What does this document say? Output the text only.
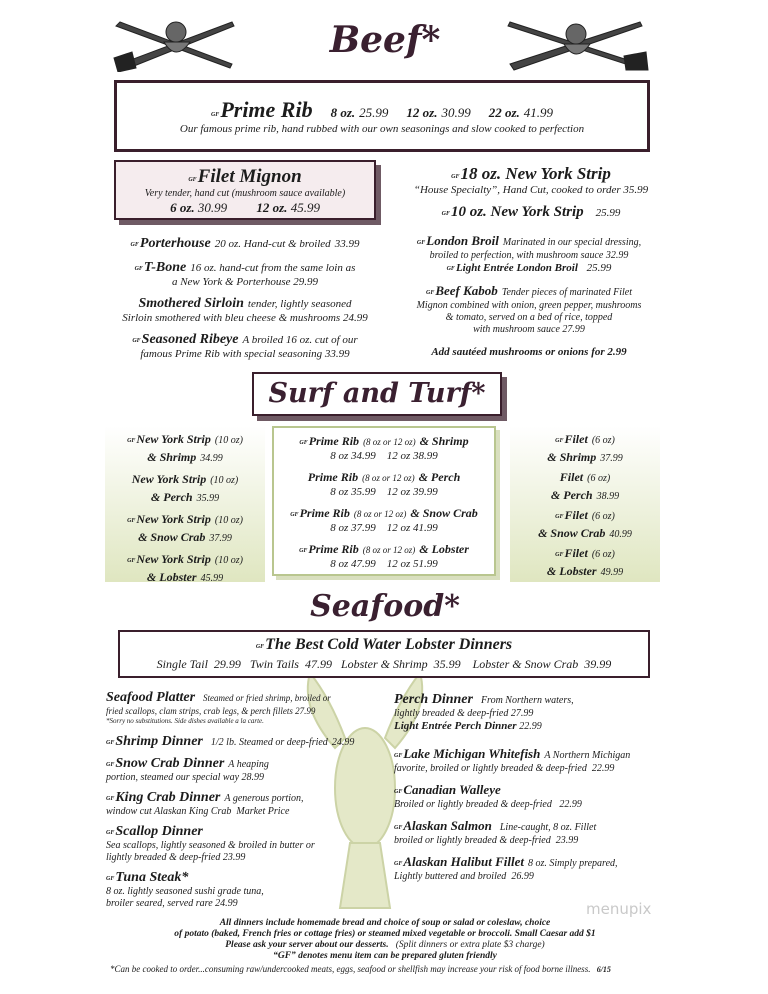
Beef*
GFPrime Rib 8 oz. 25.99 12 oz. 30.99 22 oz. 41.99
Our famous prime rib, hand rubbed with our own seasonings and slow cooked to perfection
GFFilet Mignon
Very tender, hand cut (mushroom sauce available)
6 oz. 30.99 12 oz. 45.99
GF18 oz. New York Strip
“House Specialty”, Hand Cut, cooked to order 35.99
GF10 oz. New York Strip 25.99
GFPorterhouse 20 oz. Hand-cut & broiled 33.99
GFT-Bone 16 oz. hand-cut from the same loin as
a New York & Porterhouse 29.99
Smothered Sirloin tender, lightly seasoned
Sirloin smothered with bleu cheese & mushrooms 24.99
GFSeasoned Ribeye A broiled 16 oz. cut of our
famous Prime Rib with special seasoning 33.99
GFLondon Broil Marinated in our special dressing,
broiled to perfection, with mushroom sauce 32.99
GFLight Entrée London Broil 25.99
GFBeef Kabob Tender pieces of marinated Filet
Mignon combined with onion, green pepper, mushrooms
& tomato, served on a bed of rice, topped
with mushroom sauce 27.99
Add sautéed mushrooms or onions for 2.99
Surf and Turf*
GFNew York Strip (10 oz)
& Shrimp 34.99
New York Strip (10 oz)
& Perch 35.99
GFNew York Strip (10 oz)
& Snow Crab 37.99
GFNew York Strip (10 oz)
& Lobster 45.99
GFPrime Rib (8 oz or 12 oz) & Shrimp
8 oz 34.99 12 oz 38.99
Prime Rib (8 oz or 12 oz) & Perch
8 oz 35.99 12 oz 39.99
GFPrime Rib (8 oz or 12 oz) & Snow Crab
8 oz 37.99 12 oz 41.99
GFPrime Rib (8 oz or 12 oz) & Lobster
8 oz 47.99 12 oz 51.99
GFFilet (6 oz)
& Shrimp 37.99
Filet (6 oz)
& Perch 38.99
GFFilet (6 oz)
& Snow Crab 40.99
GFFilet (6 oz)
& Lobster 49.99
Seafood*
GFThe Best Cold Water Lobster Dinners
Single Tail  29.99   Twin Tails  47.99   Lobster & Shrimp  35.99    Lobster & Snow Crab  39.99
Seafood Platter Steamed or fried shrimp, broiled or
fried scallops, clam strips, crab legs, & perch fillets 27.99
*Sorry no substitutions. Side dishes available a la carte.
GFShrimp Dinner 1/2 lb. Steamed or deep-fried 24.99
GFSnow Crab Dinner A heaping
portion, steamed our special way 28.99
GFKing Crab Dinner A generous portion,
window cut Alaskan King Crab Market Price
GFScallop Dinner
Sea scallops, lightly seasoned & broiled in butter or
lightly breaded & deep-fried 23.99
GFTuna Steak*
8 oz. lightly seasoned sushi grade tuna,
broiler seared, served rare 24.99
Perch Dinner From Northern waters,
lightly breaded & deep-fried 27.99
Light Entrée Perch Dinner 22.99
GFLake Michigan Whitefish A Northern Michigan
favorite, broiled or lightly breaded & deep-fried 22.99
GFCanadian Walleye
Broiled or lightly breaded & deep-fried 22.99
GFAlaskan Salmon Line-caught, 8 oz. Fillet
broiled or lightly breaded & deep-fried 23.99
GFAlaskan Halibut Fillet 8 oz. Simply prepared,
Lightly buttered and broiled 26.99
menupix
All dinners include homemade bread and choice of soup or salad or coleslaw, choice
of potato (baked, French fries or cottage fries) or steamed mixed vegetable or broccoli. Small Caesar add $1
Please ask your server about our desserts. (Split dinners or extra plate $3 charge)
“GF” denotes menu item can be prepared gluten friendly
*Can be cooked to order...consuming raw/undercooked meats, eggs, seafood or shellfish may increase your risk of food borne illness. 6/15
